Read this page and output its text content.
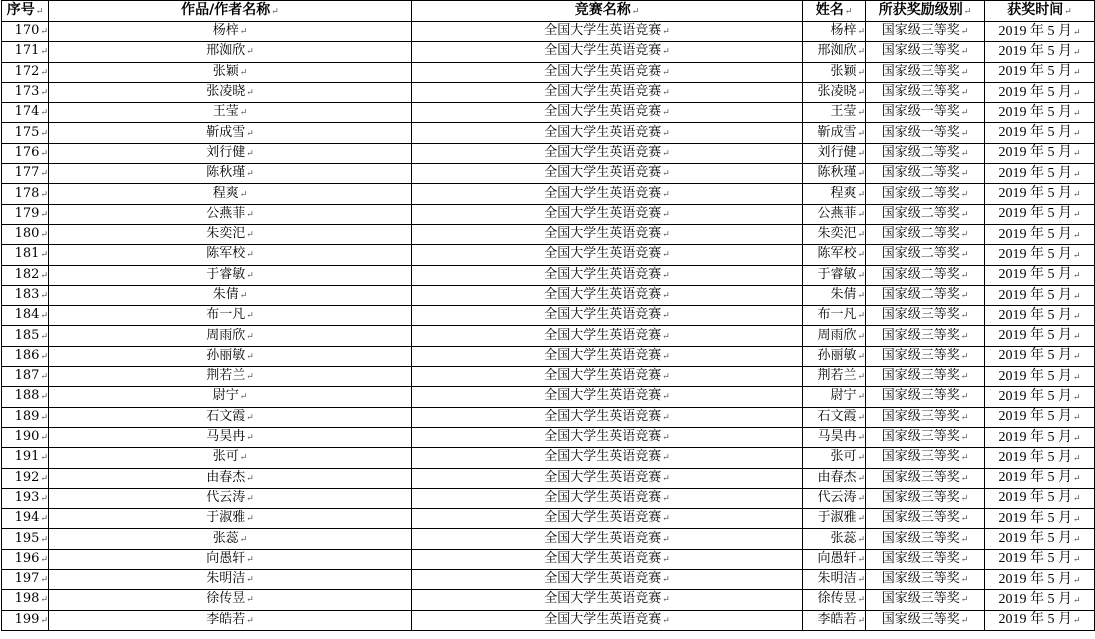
序号↵	作品/作者名称↵	竞赛名称↵	姓名↵	所获奖励级别↵	获奖时间↵
170↵	杨梓↵	全国大学生英语竞赛↵	杨梓↵	国家级三等奖↵	2019 年 5 月↵
171↵	邢洳欣↵	全国大学生英语竞赛↵	邢洳欣↵	国家级三等奖↵	2019 年 5 月↵
172↵	张颖↵	全国大学生英语竞赛↵	张颖↵	国家级三等奖↵	2019 年 5 月↵
173↵	张凌晓↵	全国大学生英语竞赛↵	张凌晓↵	国家级三等奖↵	2019 年 5 月↵
174↵	王莹↵	全国大学生英语竞赛↵	王莹↵	国家级一等奖↵	2019 年 5 月↵
175↵	靳成雪↵	全国大学生英语竞赛↵	靳成雪↵	国家级一等奖↵	2019 年 5 月↵
176↵	刘行健↵	全国大学生英语竞赛↵	刘行健↵	国家级二等奖↵	2019 年 5 月↵
177↵	陈秋瑾↵	全国大学生英语竞赛↵	陈秋瑾↵	国家级二等奖↵	2019 年 5 月↵
178↵	程爽↵	全国大学生英语竞赛↵	程爽↵	国家级二等奖↵	2019 年 5 月↵
179↵	公燕菲↵	全国大学生英语竞赛↵	公燕菲↵	国家级二等奖↵	2019 年 5 月↵
180↵	朱奕汜↵	全国大学生英语竞赛↵	朱奕汜↵	国家级二等奖↵	2019 年 5 月↵
181↵	陈军校↵	全国大学生英语竞赛↵	陈军校↵	国家级二等奖↵	2019 年 5 月↵
182↵	于睿敏↵	全国大学生英语竞赛↵	于睿敏↵	国家级二等奖↵	2019 年 5 月↵
183↵	朱倩↵	全国大学生英语竞赛↵	朱倩↵	国家级二等奖↵	2019 年 5 月↵
184↵	布一凡↵	全国大学生英语竞赛↵	布一凡↵	国家级三等奖↵	2019 年 5 月↵
185↵	周雨欣↵	全国大学生英语竞赛↵	周雨欣↵	国家级三等奖↵	2019 年 5 月↵
186↵	孙丽敏↵	全国大学生英语竞赛↵	孙丽敏↵	国家级三等奖↵	2019 年 5 月↵
187↵	荆若兰↵	全国大学生英语竞赛↵	荆若兰↵	国家级三等奖↵	2019 年 5 月↵
188↵	尉宁↵	全国大学生英语竞赛↵	尉宁↵	国家级三等奖↵	2019 年 5 月↵
189↵	石文霞↵	全国大学生英语竞赛↵	石文霞↵	国家级三等奖↵	2019 年 5 月↵
190↵	马昊冉↵	全国大学生英语竞赛↵	马昊冉↵	国家级三等奖↵	2019 年 5 月↵
191↵	张可↵	全国大学生英语竞赛↵	张可↵	国家级三等奖↵	2019 年 5 月↵
192↵	由春杰↵	全国大学生英语竞赛↵	由春杰↵	国家级三等奖↵	2019 年 5 月↵
193↵	代云涛↵	全国大学生英语竞赛↵	代云涛↵	国家级三等奖↵	2019 年 5 月↵
194↵	于淑雅↵	全国大学生英语竞赛↵	于淑雅↵	国家级三等奖↵	2019 年 5 月↵
195↵	张蕊↵	全国大学生英语竞赛↵	张蕊↵	国家级三等奖↵	2019 年 5 月↵
196↵	向愚轩↵	全国大学生英语竞赛↵	向愚轩↵	国家级三等奖↵	2019 年 5 月↵
197↵	朱明洁↵	全国大学生英语竞赛↵	朱明洁↵	国家级三等奖↵	2019 年 5 月↵
198↵	徐传昱↵	全国大学生英语竞赛↵	徐传昱↵	国家级三等奖↵	2019 年 5 月↵
199↵	李皓若↵	全国大学生英语竞赛↵	李皓若↵	国家级三等奖↵	2019 年 5 月↵
